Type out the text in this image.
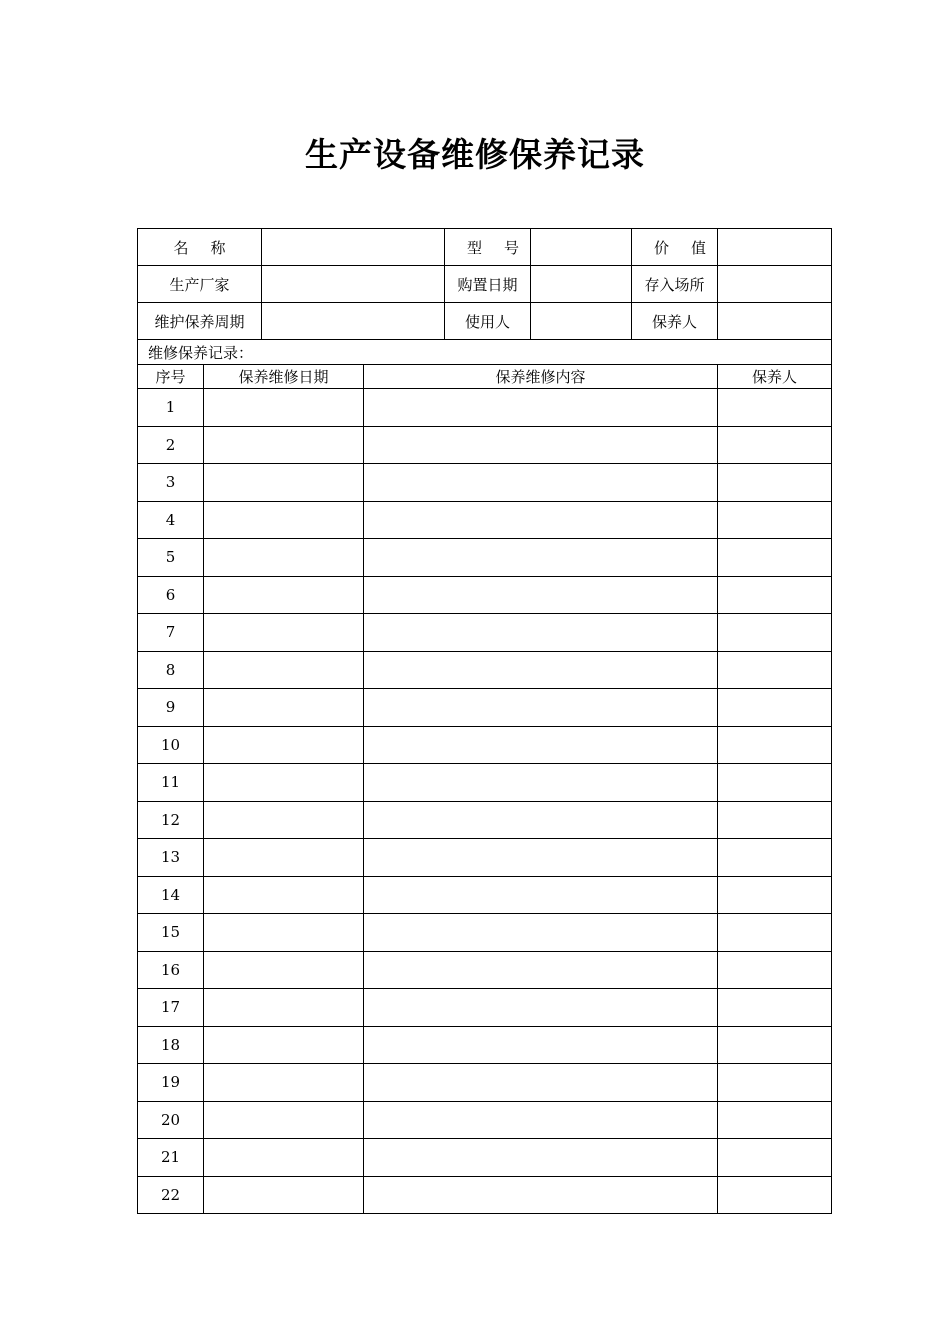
生产设备维修保养记录
名称				型号		价值	
生产厂家				购置日期		存入场所	
维护保养周期				使用人		保养人	
维修保养记录：							
序号	保养维修日期		保养维修内容				保养人
1							
2							
3							
4							
5							
6							
7							
8							
9							
10							
11							
12							
13							
14							
15							
16							
17							
18							
19							
20							
21							
22							
